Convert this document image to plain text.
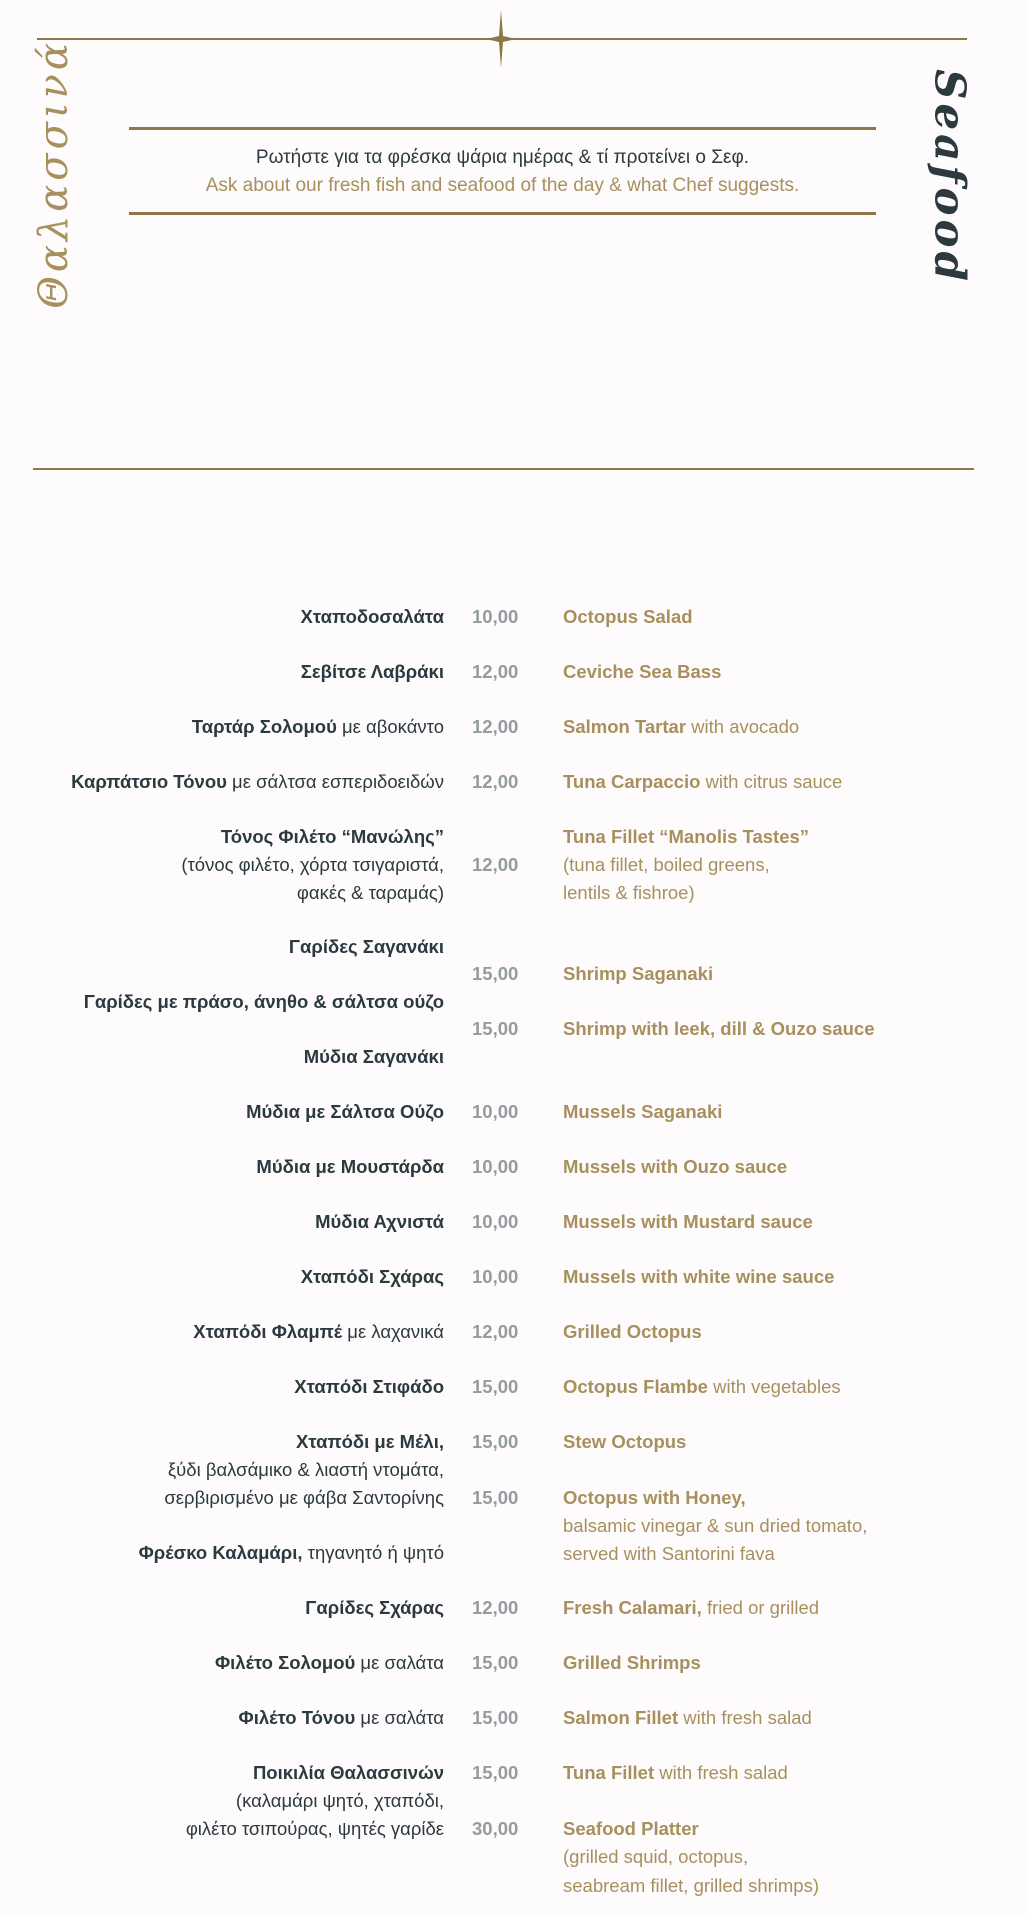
Θαλασσινά	Seafood
Ρωτήστε για τα φρέσκα ψάρια ημέρας & τί προτείνει ο Σεφ.
Ask about our fresh fish and seafood of the day & what Chef suggests.
Χταποδοσαλάτα
Σεβίτσε Λαβράκι
Ταρτάρ Σολομού με αβοκάντο
Καρπάτσιο Τόνου με σάλτσα εσπεριδοειδών
Τόνος Φιλέτο “Μανώλης”
(τόνος φιλέτο, χόρτα τσιγαριστά,
φακές & ταραμάς)
Γαρίδες Σαγανάκι
Γαρίδες με πράσο, άνηθο & σάλτσα ούζο
Μύδια Σαγανάκι
Μύδια με Σάλτσα Ούζο
Μύδια με Μουστάρδα
Μύδια Αχνιστά
Χταπόδι Σχάρας
Χταπόδι Φλαμπέ με λαχανικά
Χταπόδι Στιφάδο
Χταπόδι με Μέλι,
ξύδι βαλσάμικο & λιαστή ντομάτα,
σερβιρισμένο με φάβα Σαντορίνης
Φρέσκο Καλαμάρι, τηγανητό ή ψητό
Γαρίδες Σχάρας
Φιλέτο Σολομού με σαλάτα
Φιλέτο Τόνου με σαλάτα
Ποικιλία Θαλασσινών
(καλαμάρι ψητό, χταπόδι,
φιλέτο τσιπούρας, ψητές γαρίδε
10,00
12,00
12,00
12,00
12,00
15,00
15,00
10,00
10,00
10,00
10,00
12,00
15,00
15,00
15,00
12,00
15,00
15,00
15,00
30,00
Octopus Salad
Ceviche Sea Bass
Salmon Tartar with avocado
Tuna Carpaccio with citrus sauce
Tuna Fillet “Manolis Tastes”
(tuna fillet, boiled greens,
lentils & fishroe)
Shrimp Saganaki
Shrimp with leek, dill & Ouzo sauce
Mussels Saganaki
Mussels with Ouzo sauce
Mussels with Mustard sauce
Mussels with white wine sauce
Grilled Octopus
Octopus Flambe with vegetables
Stew Octopus
Octopus with Honey,
balsamic vinegar & sun dried tomato,
served with Santorini fava
Fresh Calamari, fried or grilled
Grilled Shrimps
Salmon Fillet with fresh salad
Tuna Fillet with fresh salad
Seafood Platter
(grilled squid, octopus,
seabream fillet, grilled shrimps)
